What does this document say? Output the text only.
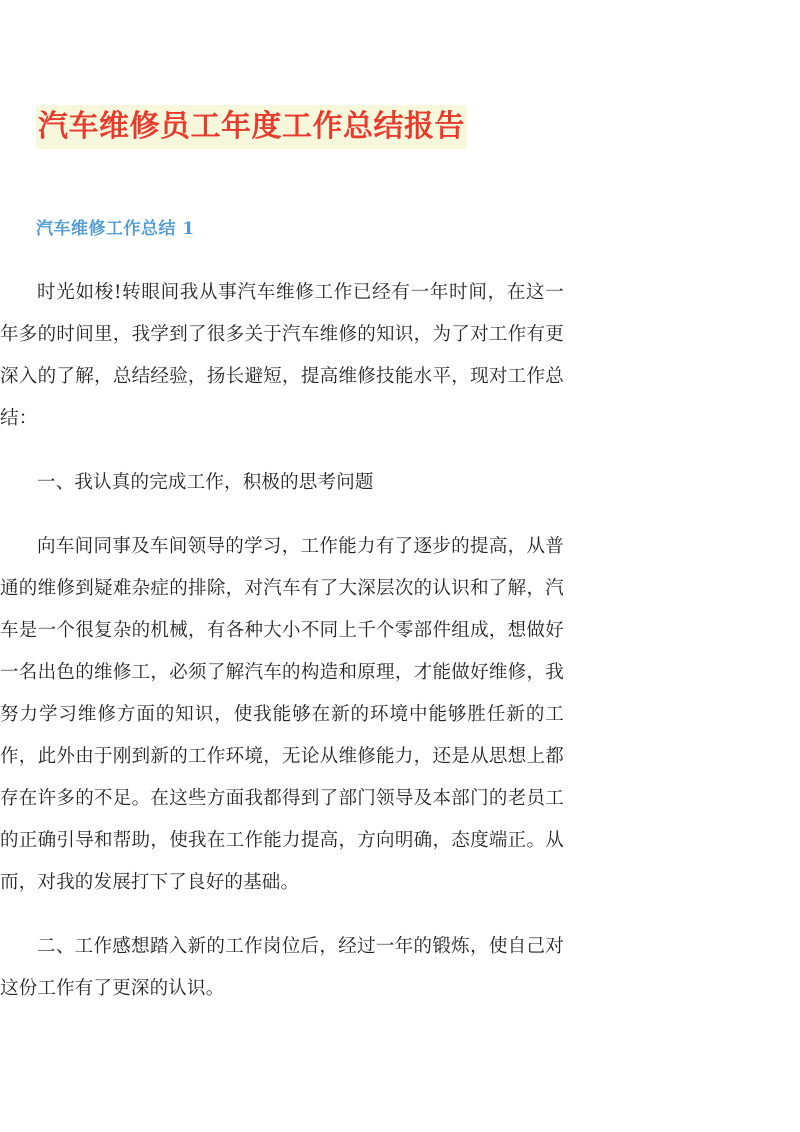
汽车维修员工年度工作总结报告
汽车维修工作总结 1

时光如梭!转眼间我从事汽车维修工作已经有一年时间，在这一年多的时间里，我学到了很多关于汽车维修的知识，为了对工作有更深入的了解，总结经验，扬长避短，提高维修技能水平，现对工作总结：

一、我认真的完成工作，积极的思考问题

向车间同事及车间领导的学习，工作能力有了逐步的提高，从普通的维修到疑难杂症的排除，对汽车有了大深层次的认识和了解，汽车是一个很复杂的机械，有各种大小不同上千个零部件组成，想做好一名出色的维修工，必须了解汽车的构造和原理，才能做好维修，我努力学习维修方面的知识，使我能够在新的环境中能够胜任新的工作，此外由于刚到新的工作环境，无论从维修能力，还是从思想上都存在许多的不足。在这些方面我都得到了部门领导及本部门的老员工的正确引导和帮助，使我在工作能力提高，方向明确，态度端正。从而，对我的发展打下了良好的基础。

二、工作感想踏入新的工作岗位后，经过一年的锻炼，使自己对这份工作有了更深的认识。
